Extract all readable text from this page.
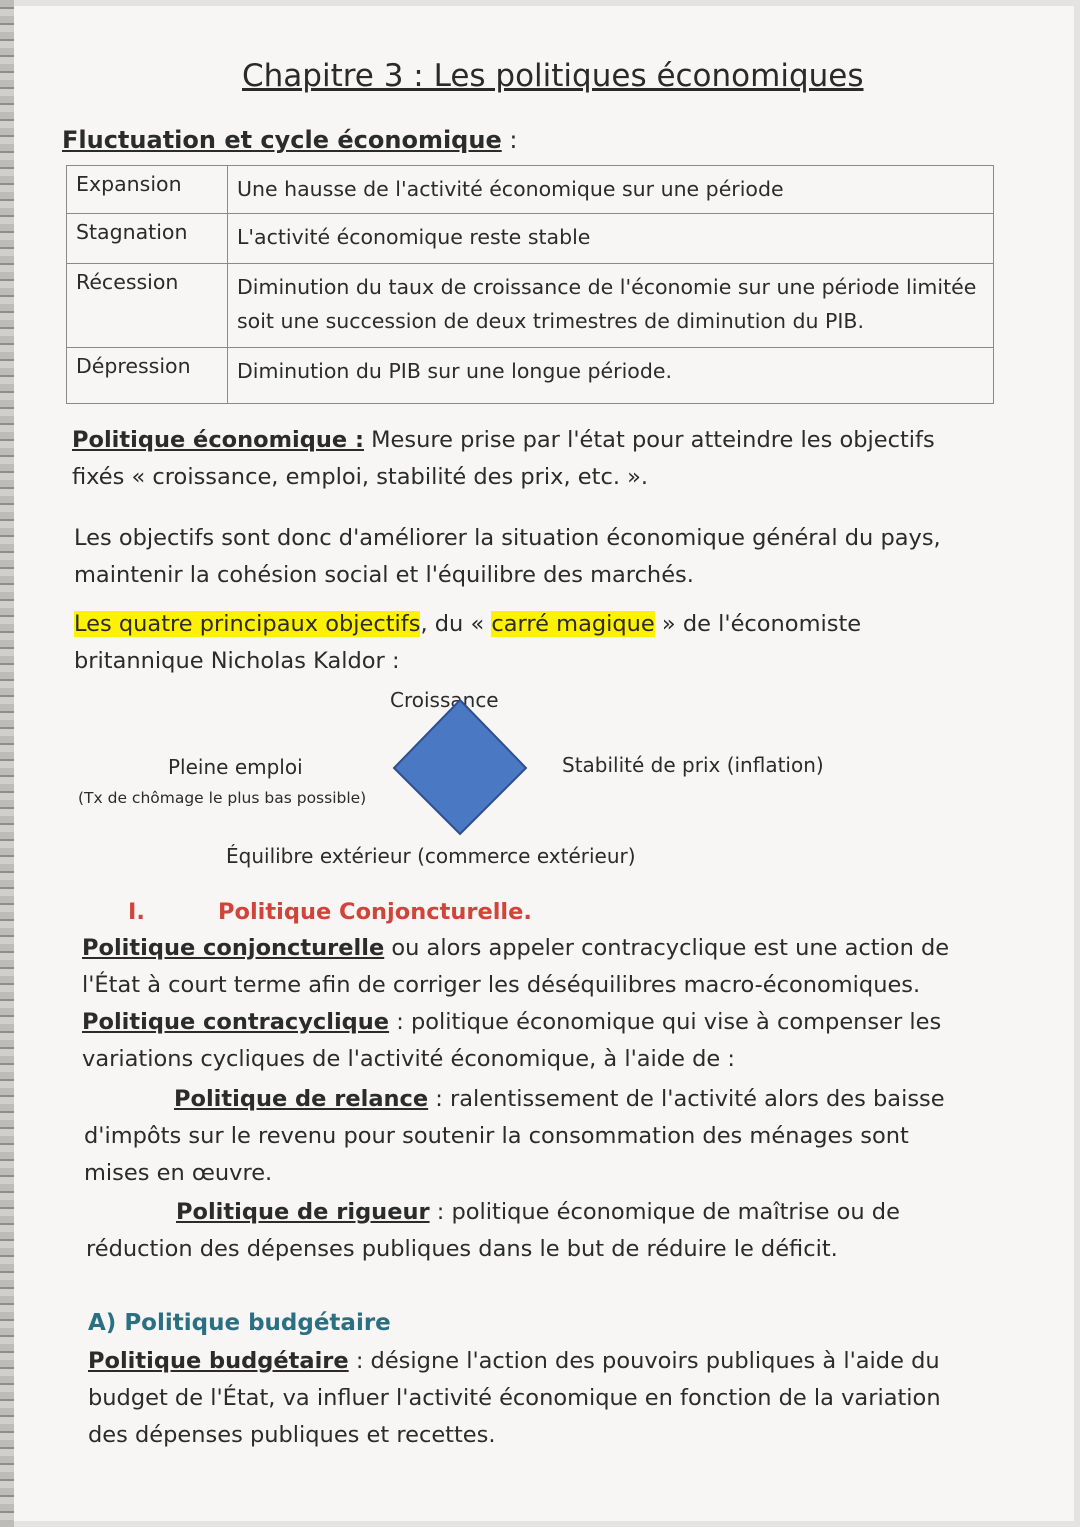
Chapitre 3 : Les politiques économiques
Fluctuation et cycle économique :
Expansion	Une hausse de l'activité économique sur une période
Stagnation	L'activité économique reste stable
Récession	Diminution du taux de croissance de l'économie sur une période limitée soit une succession de deux trimestres de diminution du PIB.
Dépression	Diminution du PIB sur une longue période.
Politique économique : Mesure prise par l'état pour atteindre les objectifs
fixés « croissance, emploi, stabilité des prix, etc. ».
Les objectifs sont donc d'améliorer la situation économique général du pays,
maintenir la cohésion social et l'équilibre des marchés.
Les quatre principaux objectifs, du « carré magique » de l'économiste
britannique Nicholas Kaldor :
Croissance
Pleine emploi
(Tx de chômage le plus bas possible)
Stabilité de prix (inflation)
Équilibre extérieur (commerce extérieur)
I.	Politique Conjoncturelle.
Politique conjoncturelle ou alors appeler contracyclique est une action de
l'État à court terme afin de corriger les déséquilibres macro-économiques.
Politique contracyclique : politique économique qui vise à compenser les
variations cycliques de l'activité économique, à l'aide de :
Politique de relance : ralentissement de l'activité alors des baisse
d'impôts sur le revenu pour soutenir la consommation des ménages sont
mises en œuvre.
Politique de rigueur : politique économique de maîtrise ou de
réduction des dépenses publiques dans le but de réduire le déficit.
A) Politique budgétaire
Politique budgétaire : désigne l'action des pouvoirs publiques à l'aide du
budget de l'État, va influer l'activité économique en fonction de la variation
des dépenses publiques et recettes.
